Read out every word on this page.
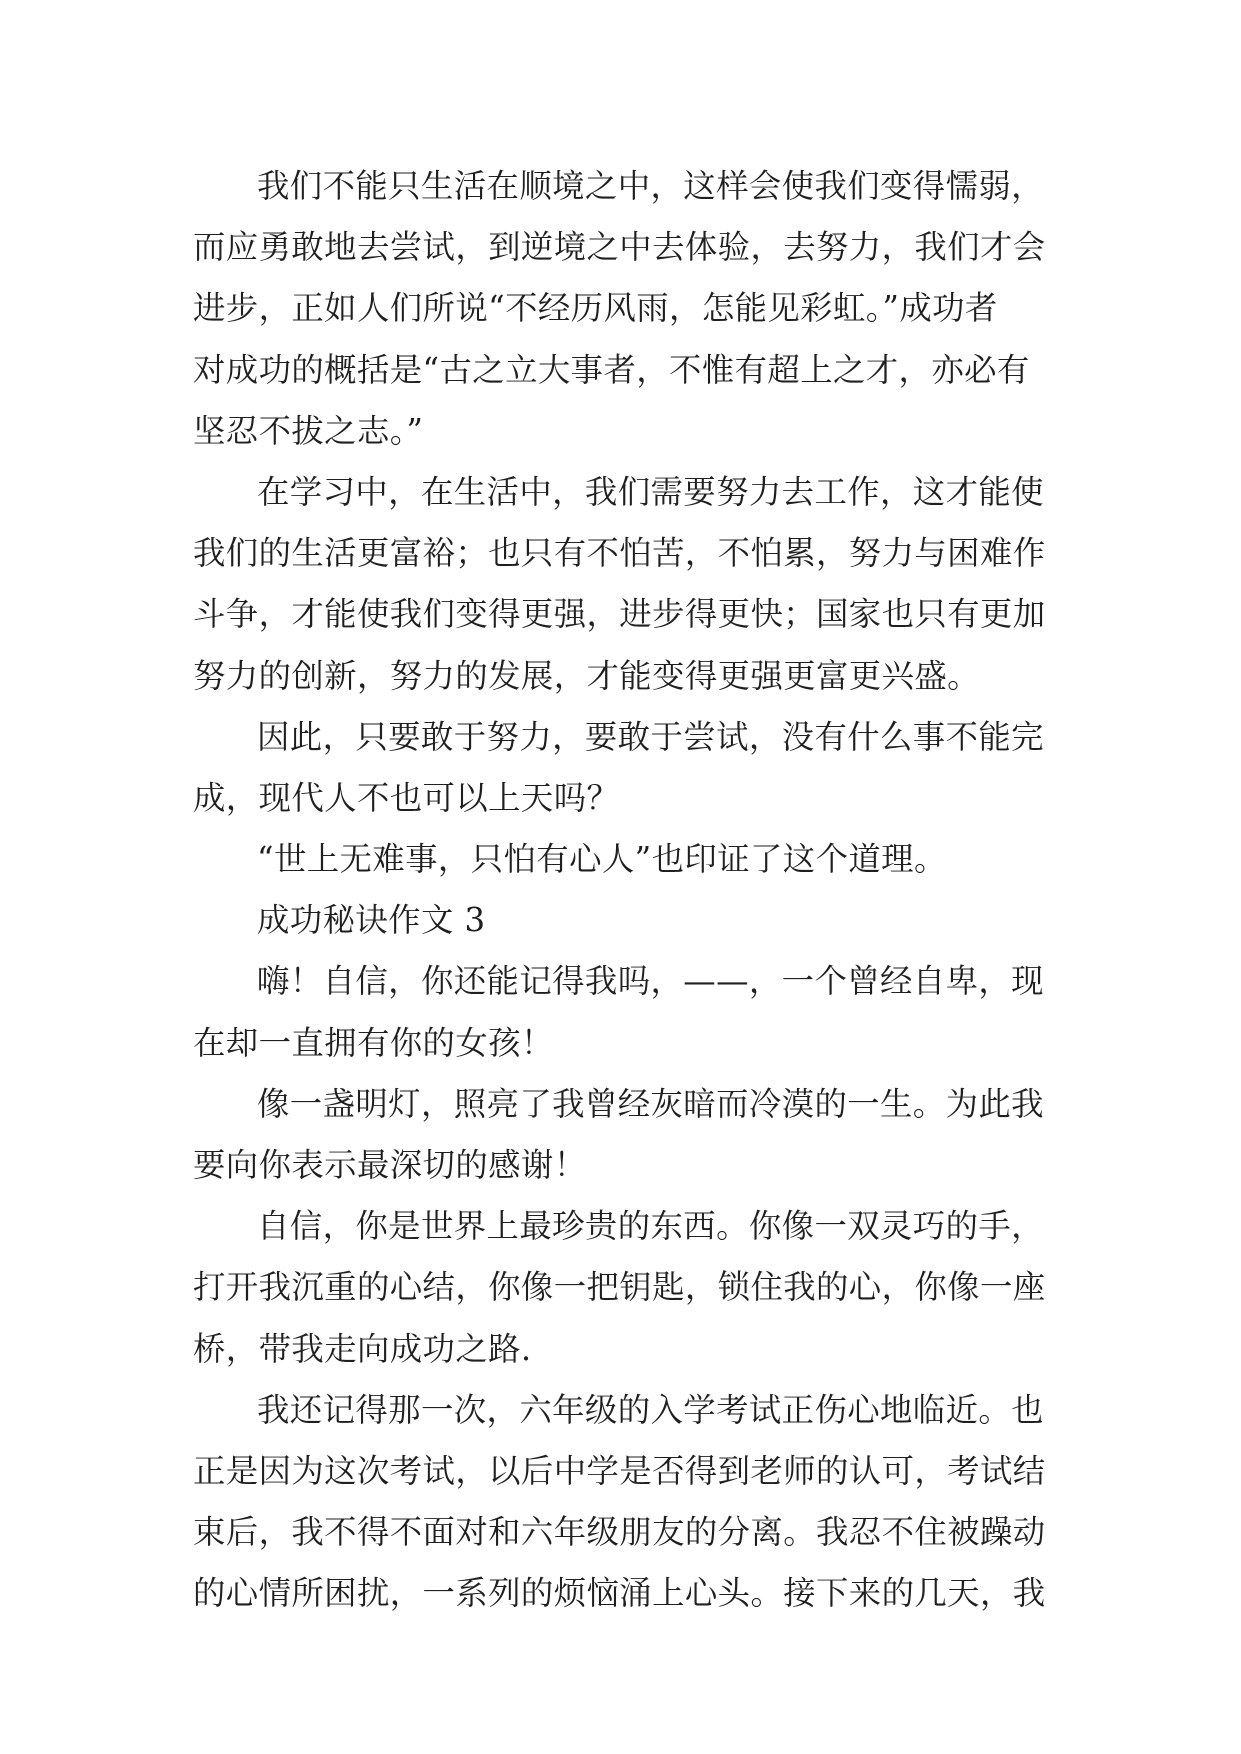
我们不能只生活在顺境之中，这样会使我们变得懦弱，
而应勇敢地去尝试，到逆境之中去体验，去努力，我们才会
进步，正如人们所说“不经历风雨，怎能见彩虹。”成功者
对成功的概括是“古之立大事者，不惟有超上之才，亦必有
坚忍不拔之志。”
在学习中，在生活中，我们需要努力去工作，这才能使
我们的生活更富裕；也只有不怕苦，不怕累，努力与困难作
斗争，才能使我们变得更强，进步得更快；国家也只有更加
努力的创新，努力的发展，才能变得更强更富更兴盛。
因此，只要敢于努力，要敢于尝试，没有什么事不能完
成，现代人不也可以上天吗？
“世上无难事，只怕有心人”也印证了这个道理。
成功秘诀作文 3
嗨！自信，你还能记得我吗，——，一个曾经自卑，现
在却一直拥有你的女孩！
像一盏明灯，照亮了我曾经灰暗而冷漠的一生。为此我
要向你表示最深切的感谢！
自信，你是世界上最珍贵的东西。你像一双灵巧的手，
打开我沉重的心结，你像一把钥匙，锁住我的心，你像一座
桥，带我走向成功之路.
我还记得那一次，六年级的入学考试正伤心地临近。也
正是因为这次考试，以后中学是否得到老师的认可，考试结
束后，我不得不面对和六年级朋友的分离。我忍不住被躁动
的心情所困扰，一系列的烦恼涌上心头。接下来的几天，我
